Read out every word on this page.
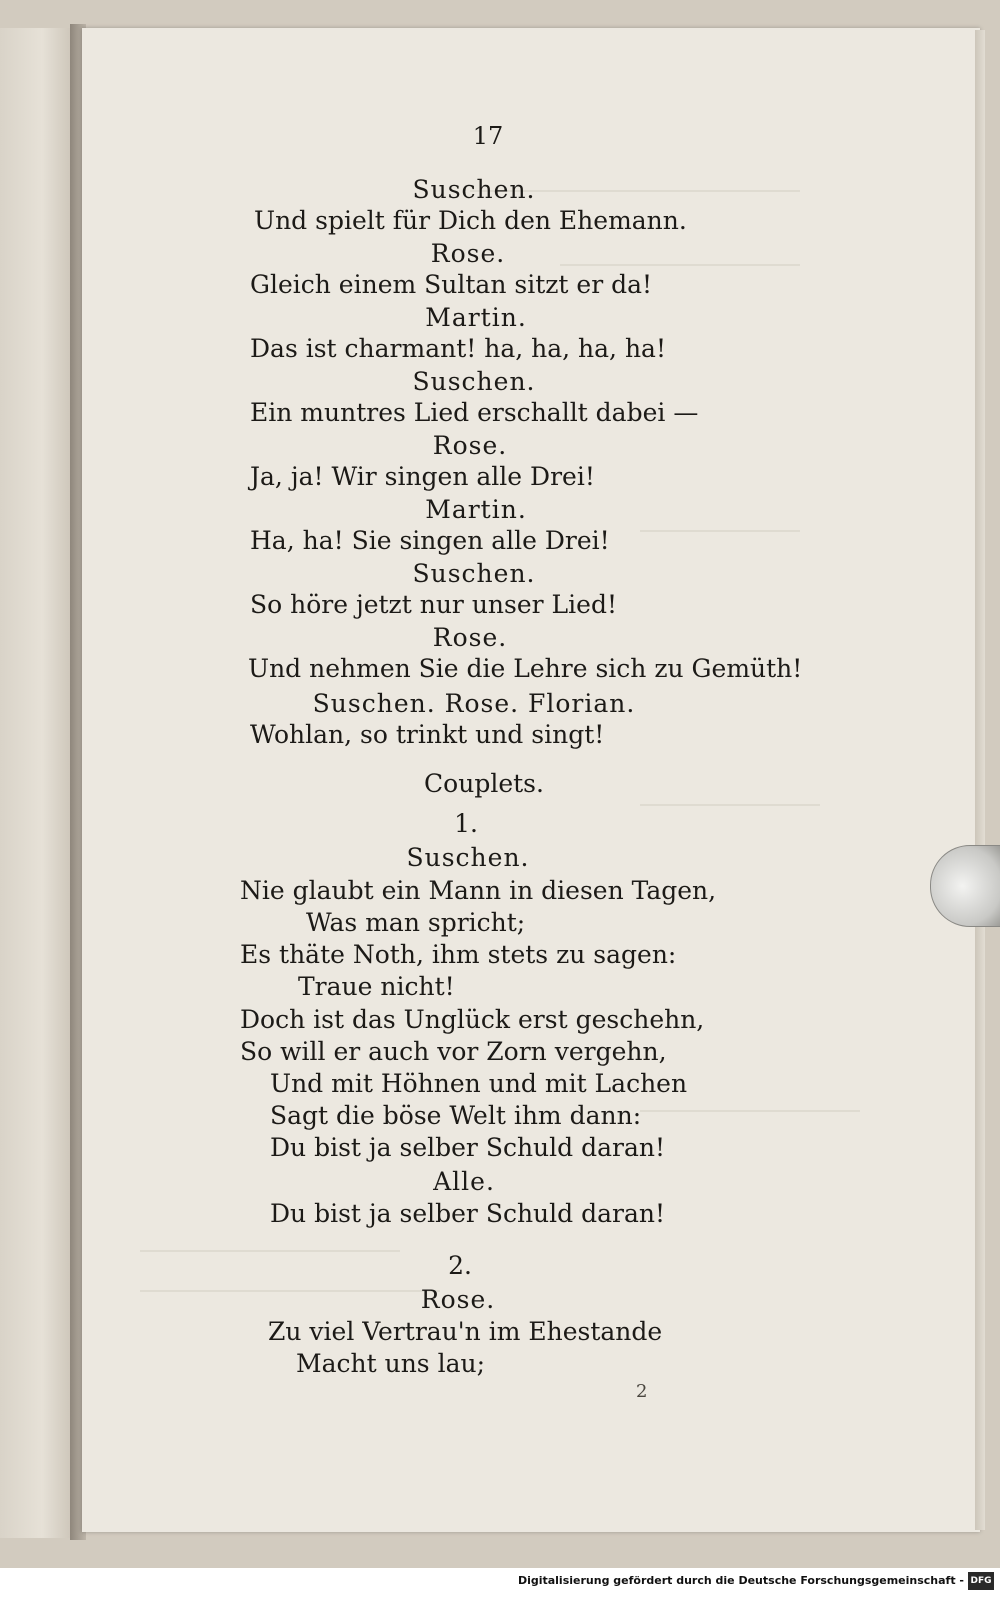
17
Suschen.
Und spielt für Dich den Ehemann.
Rose.
Gleich einem Sultan sitzt er da!
Martin.
Das ist charmant! ha, ha, ha, ha!
Suschen.
Ein muntres Lied erschallt dabei —
Rose.
Ja, ja! Wir singen alle Drei!
Martin.
Ha, ha! Sie singen alle Drei!
Suschen.
So höre jetzt nur unser Lied!
Rose.
Und nehmen Sie die Lehre sich zu Gemüth!
Suschen. Rose. Florian.
Wohlan, so trinkt und singt!
Couplets.
1.
Suschen.
Nie glaubt ein Mann in diesen Tagen,
Was man spricht;
Es thäte Noth, ihm stets zu sagen:
Traue nicht!
Doch ist das Unglück erst geschehn,
So will er auch vor Zorn vergehn,
Und mit Höhnen und mit Lachen
Sagt die böse Welt ihm dann:
Du bist ja selber Schuld daran!
Alle.
Du bist ja selber Schuld daran!
2.
Rose.
Zu viel Vertrau'n im Ehestande
Macht uns lau;
2
Digitalisierung gefördert durch die Deutsche Forschungsgemeinschaft - DFG
